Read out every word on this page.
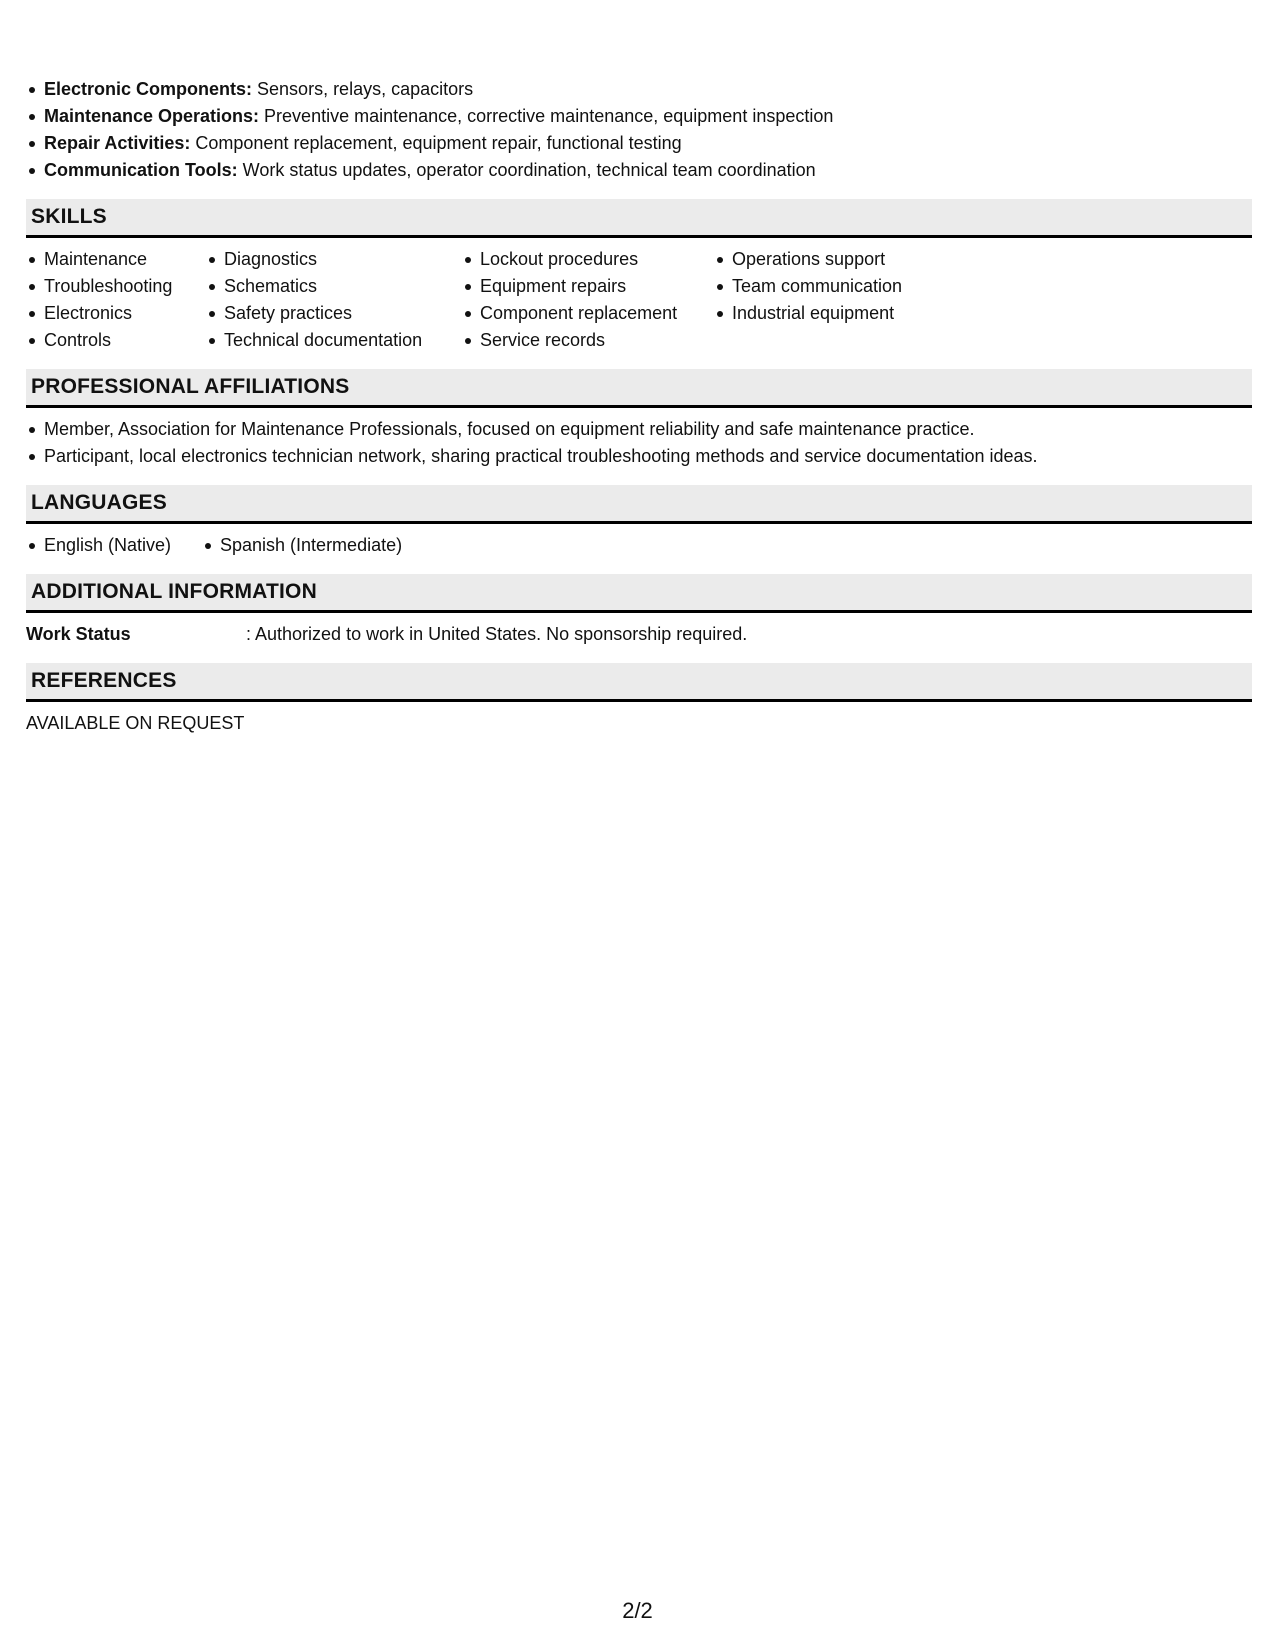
Electronic Components: Sensors, relays, capacitors
Maintenance Operations: Preventive maintenance, corrective maintenance, equipment inspection
Repair Activities: Component replacement, equipment repair, functional testing
Communication Tools: Work status updates, operator coordination, technical team coordination
SKILLS
Maintenance
Troubleshooting
Electronics
Controls
Diagnostics
Schematics
Safety practices
Technical documentation
Lockout procedures
Equipment repairs
Component replacement
Service records
Operations support
Team communication
Industrial equipment
PROFESSIONAL AFFILIATIONS
Member, Association for Maintenance Professionals, focused on equipment reliability and safe maintenance practice.
Participant, local electronics technician network, sharing practical troubleshooting methods and service documentation ideas.
LANGUAGES
English (Native)	Spanish (Intermediate)
ADDITIONAL INFORMATION
Work Status	: Authorized to work in United States. No sponsorship required.
REFERENCES
AVAILABLE ON REQUEST
2/2
